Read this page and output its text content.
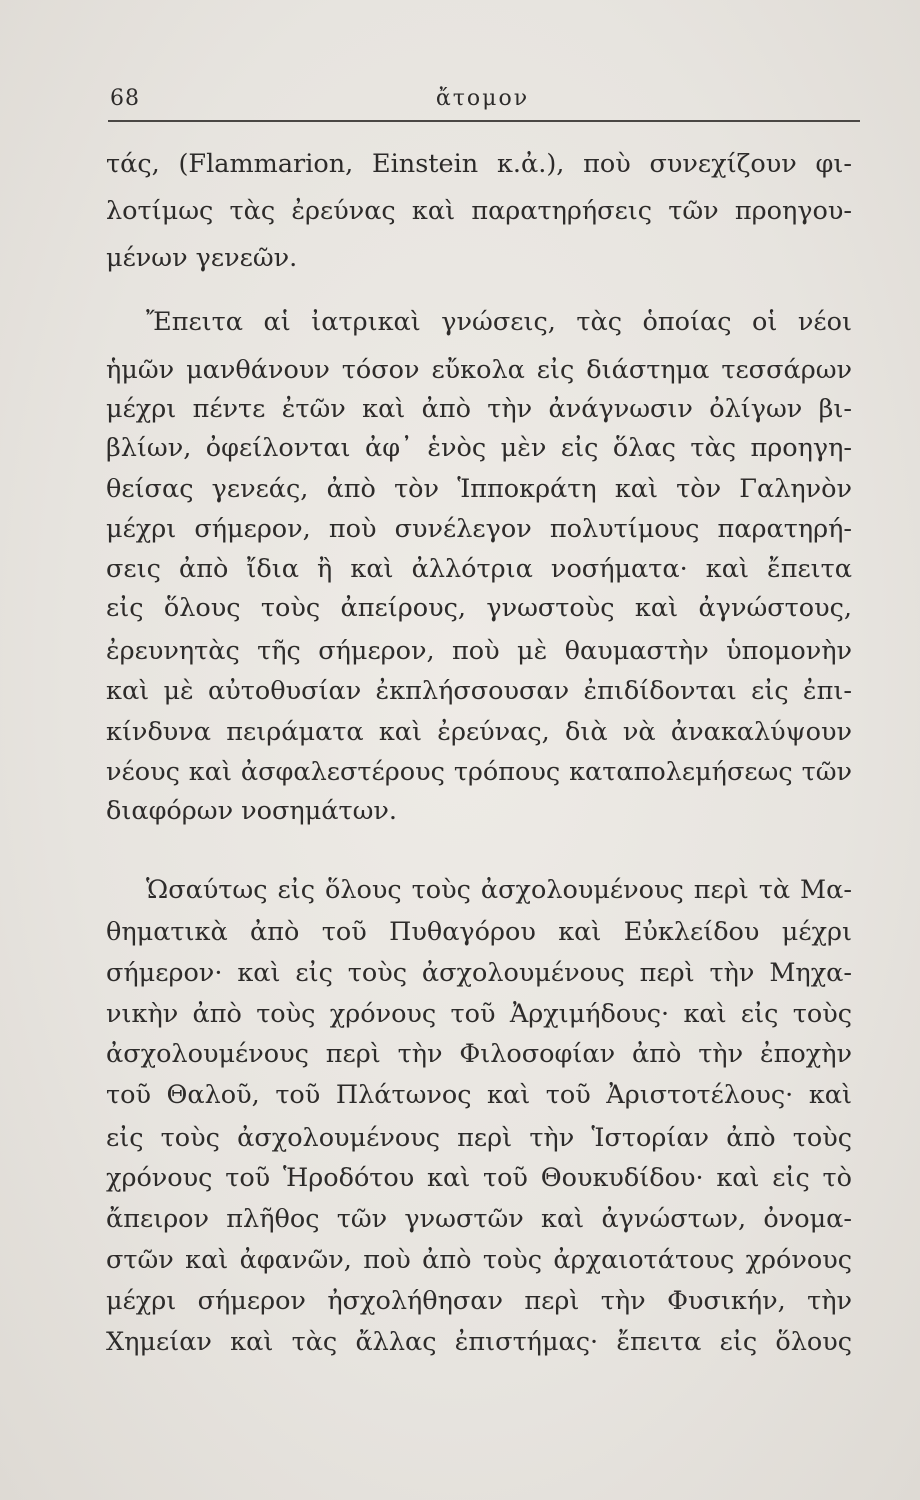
68	ἄτομον
τάς, (Flammarion, Einstein κ.ἀ.), ποὺ συνεχίζουν φι-
λοτίμως τὰς ἐρεύνας καὶ παρατηρήσεις τῶν προηγου-
μένων γενεῶν.
Ἔπειτα αἱ ἰατρικαὶ γνώσεις, τὰς ὁποίας οἱ νέοι
ἡμῶν μανθάνουν τόσον εὔκολα εἰς διάστημα τεσσάρων
μέχρι πέντε ἐτῶν καὶ ἀπὸ τὴν ἀνάγνωσιν ὀλίγων βι-
βλίων, ὀφείλονται ἀφ᾿ ἑνὸς μὲν εἰς ὅλας τὰς προηγη-
θείσας γενεάς, ἀπὸ τὸν Ἱπποκράτη καὶ τὸν Γαληνὸν
μέχρι σήμερον, ποὺ συνέλεγον πολυτίμους παρατηρή-
σεις ἀπὸ ἴδια ἢ καὶ ἀλλότρια νοσήματα· καὶ ἔπειτα
εἰς ὅλους τοὺς ἀπείρους, γνωστοὺς καὶ ἀγνώστους,
ἐρευνητὰς τῆς σήμερον, ποὺ μὲ θαυμαστὴν ὑπομονὴν
καὶ μὲ αὐτοθυσίαν ἐκπλήσσουσαν ἐπιδίδονται εἰς ἐπι-
κίνδυνα πειράματα καὶ ἐρεύνας, διὰ νὰ ἀνακαλύψουν
νέους καὶ ἀσφαλεστέρους τρόπους καταπολεμήσεως τῶν
διαφόρων νοσημάτων.
Ὡσαύτως εἰς ὅλους τοὺς ἀσχολουμένους περὶ τὰ Μα-
θηματικὰ ἀπὸ τοῦ Πυθαγόρου καὶ Εὐκλείδου μέχρι
σήμερον· καὶ εἰς τοὺς ἀσχολουμένους περὶ τὴν Μηχα-
νικὴν ἀπὸ τοὺς χρόνους τοῦ Ἀρχιμήδους· καὶ εἰς τοὺς
ἀσχολουμένους περὶ τὴν Φιλοσοφίαν ἀπὸ τὴν ἐποχὴν
τοῦ Θαλοῦ, τοῦ Πλάτωνος καὶ τοῦ Ἀριστοτέλους· καὶ
εἰς τοὺς ἀσχολουμένους περὶ τὴν Ἱστορίαν ἀπὸ τοὺς
χρόνους τοῦ Ἡροδότου καὶ τοῦ Θουκυδίδου· καὶ εἰς τὸ
ἄπειρον πλῆθος τῶν γνωστῶν καὶ ἀγνώστων, ὀνομα-
στῶν καὶ ἀφανῶν, ποὺ ἀπὸ τοὺς ἀρχαιοτάτους χρόνους
μέχρι σήμερον ἠσχολήθησαν περὶ τὴν Φυσικήν, τὴν
Χημείαν καὶ τὰς ἄλλας ἐπιστήμας· ἔπειτα εἰς ὅλους
